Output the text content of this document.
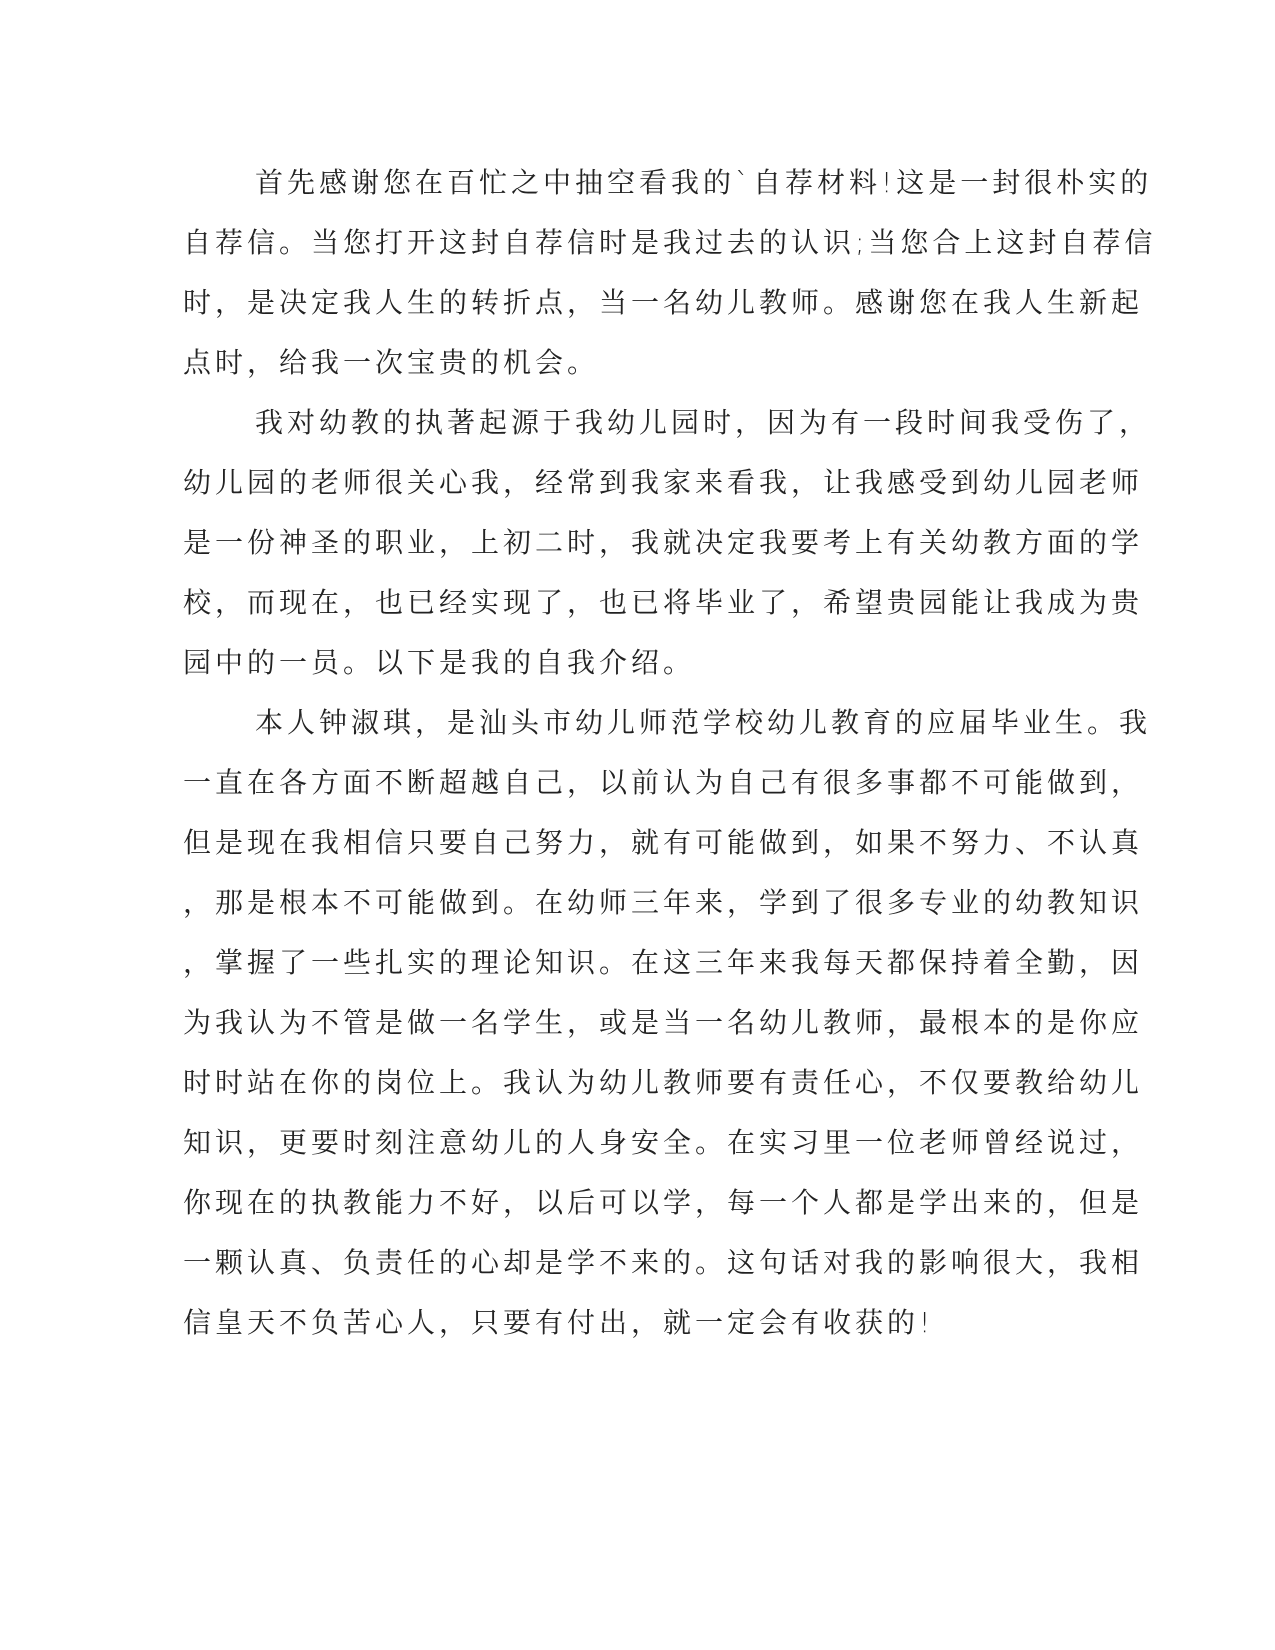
首先感谢您在百忙之中抽空看我的`自荐材料!这是一封很朴实的
自荐信。当您打开这封自荐信时是我过去的认识;当您合上这封自荐信
时，是决定我人生的转折点，当一名幼儿教师。感谢您在我人生新起
点时，给我一次宝贵的机会。
我对幼教的执著起源于我幼儿园时，因为有一段时间我受伤了，
幼儿园的老师很关心我，经常到我家来看我，让我感受到幼儿园老师
是一份神圣的职业，上初二时，我就决定我要考上有关幼教方面的学
校，而现在，也已经实现了，也已将毕业了，希望贵园能让我成为贵
园中的一员。以下是我的自我介绍。
本人钟淑琪，是汕头市幼儿师范学校幼儿教育的应届毕业生。我
一直在各方面不断超越自己，以前认为自己有很多事都不可能做到，
但是现在我相信只要自己努力，就有可能做到，如果不努力、不认真
，那是根本不可能做到。在幼师三年来，学到了很多专业的幼教知识
，掌握了一些扎实的理论知识。在这三年来我每天都保持着全勤，因
为我认为不管是做一名学生，或是当一名幼儿教师，最根本的是你应
时时站在你的岗位上。我认为幼儿教师要有责任心，不仅要教给幼儿
知识，更要时刻注意幼儿的人身安全。在实习里一位老师曾经说过，
你现在的执教能力不好，以后可以学，每一个人都是学出来的，但是
一颗认真、负责任的心却是学不来的。这句话对我的影响很大，我相
信皇天不负苦心人，只要有付出，就一定会有收获的!
